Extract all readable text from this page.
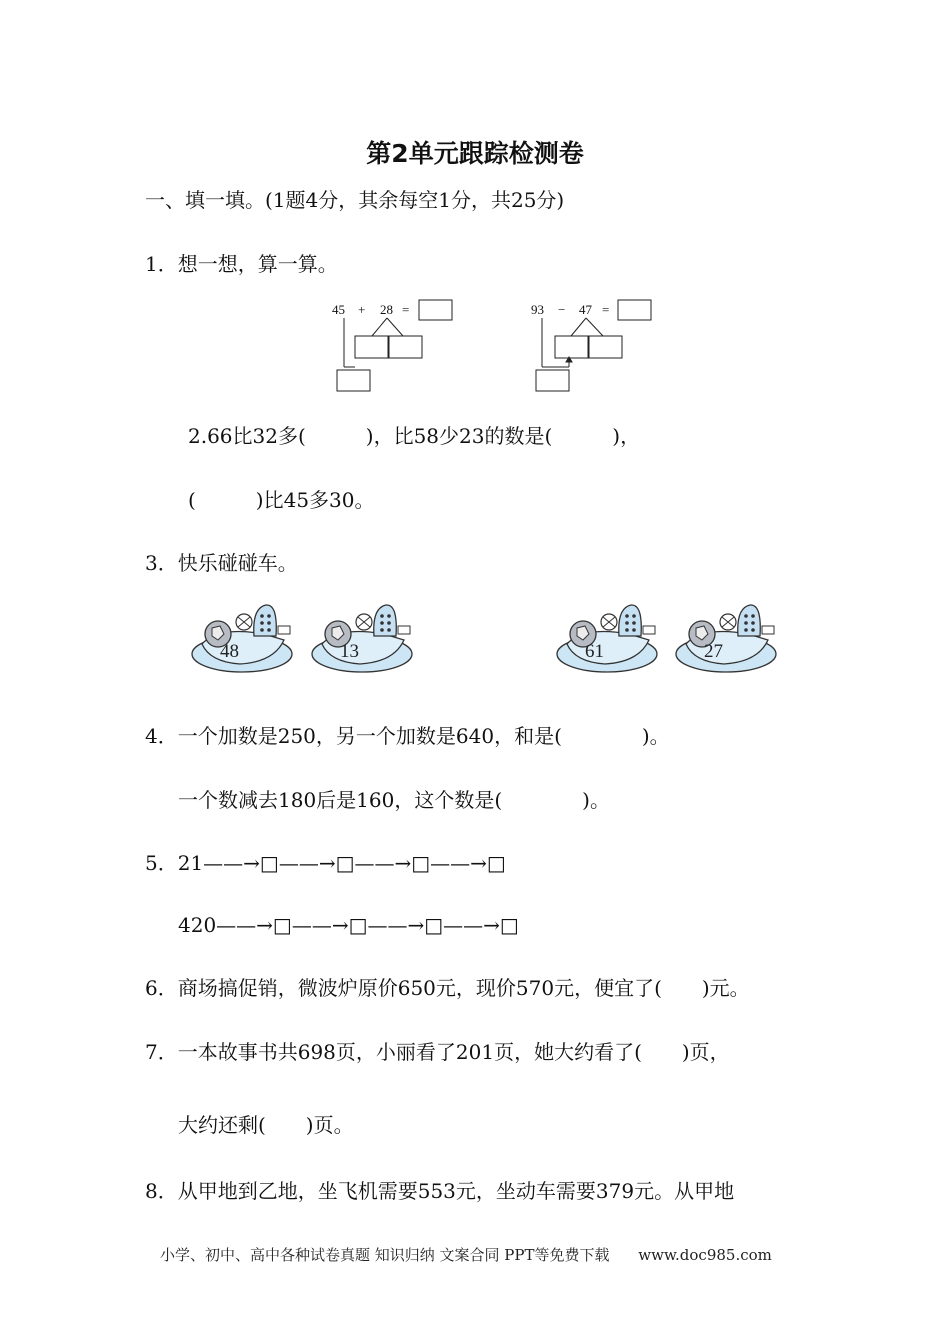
第2单元跟踪检测卷
一、填一填。(1题4分，其余每空1分，共25分)
1．想一想，算一算。
45 + 28 =	93 − 47 =
2.66比32多(　　　)，比58少23的数是(　　　)，
(　　　)比45多30。
3．快乐碰碰车。
48	13	61	27
4．一个加数是250，另一个加数是640，和是(　　　　)。
一个数减去180后是160，这个数是(　　　　)。
5．21——→□——→□——→□——→□
420——→□——→□——→□——→□
6．商场搞促销，微波炉原价650元，现价570元，便宜了(　　)元。
7．一本故事书共698页，小丽看了201页，她大约看了(　　)页，
大约还剩(　　)页。
8．从甲地到乙地，坐飞机需要553元，坐动车需要379元。从甲地
小学、初中、高中各种试卷真题 知识归纳 文案合同 PPT等免费下载 www.doc985.com
